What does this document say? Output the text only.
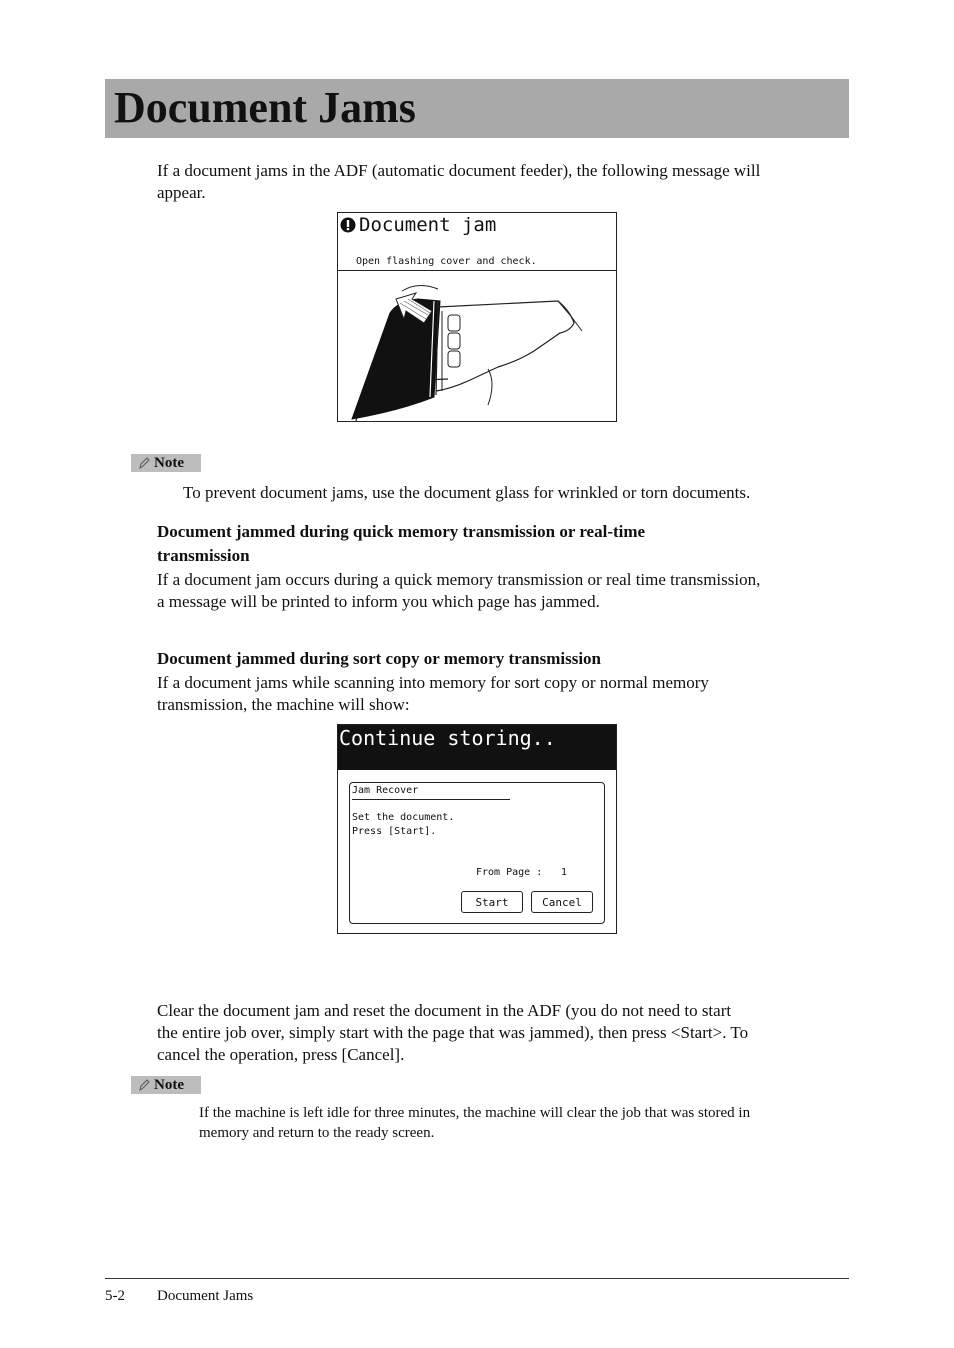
Document Jams
If a document jams in the ADF (automatic document feeder), the following message will
appear.
Document jam
Open flashing cover and check.
Note
To prevent document jams, use the document glass for wrinkled or torn documents.
Document jammed during quick memory transmission or real-time
transmission
If a document jam occurs during a quick memory transmission or real time transmission,
a message will be printed to inform you which page has jammed.
Document jammed during sort copy or memory transmission
If a document jams while scanning into memory for sort copy or normal memory
transmission, the machine will show:
Continue storing..
Jam Recover
Set the document.
Press [Start].
From Page : 1
Start	Cancel
Clear the document jam and reset the document in the ADF (you do not need to start
the entire job over, simply start with the page that was jammed), then press <Start>. To
cancel the operation, press [Cancel].
Note
If the machine is left idle for three minutes, the machine will clear the job that was stored in
memory and return to the ready screen.
5-2 Document Jams
